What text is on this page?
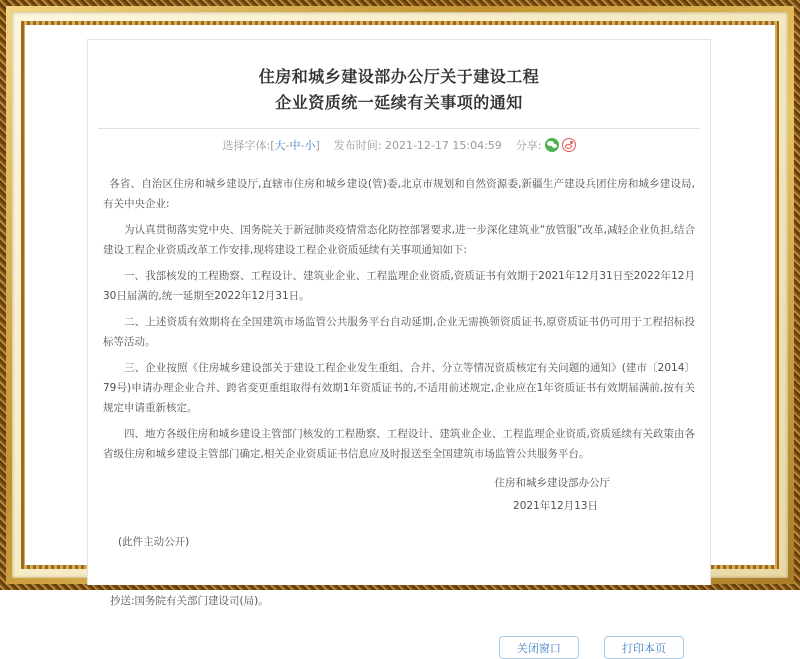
住房和城乡建设部办公厅关于建设工程
企业资质统一延续有关事项的通知
选择字体:[大-中-小] 发布时间: 2021-12-17 15:04:59 分享:

各省、自治区住房和城乡建设厅,直辖市住房和城乡建设(管)委,北京市规划和自然资源委,新疆生产建设兵团住房和城乡建设局,有关中央企业:

为认真贯彻落实党中央、国务院关于新冠肺炎疫情常态化防控部署要求,进一步深化建筑业“放管服”改革,减轻企业负担,结合建设工程企业资质改革工作安排,现将建设工程企业资质延续有关事项通知如下:

一、我部核发的工程勘察、工程设计、建筑业企业、工程监理企业资质,资质证书有效期于2021年12月31日至2022年12月30日届满的,统一延期至2022年12月31日。

二、上述资质有效期将在全国建筑市场监管公共服务平台自动延期,企业无需换领资质证书,原资质证书仍可用于工程招标投标等活动。

三、企业按照《住房城乡建设部关于建设工程企业发生重组、合并、分立等情况资质核定有关问题的通知》(建市〔2014〕79号)申请办理企业合并、跨省变更重组取得有效期1年资质证书的,不适用前述规定,企业应在1年资质证书有效期届满前,按有关规定申请重新核定。

四、地方各级住房和城乡建设主管部门核发的工程勘察、工程设计、建筑业企业、工程监理企业资质,资质延续有关政策由各省级住房和城乡建设主管部门确定,相关企业资质证书信息应及时报送至全国建筑市场监管公共服务平台。

住房和城乡建设部办公厅
2021年12月13日
(此件主动公开)
抄送:国务院有关部门建设司(局)。
关闭窗口	打印本页
